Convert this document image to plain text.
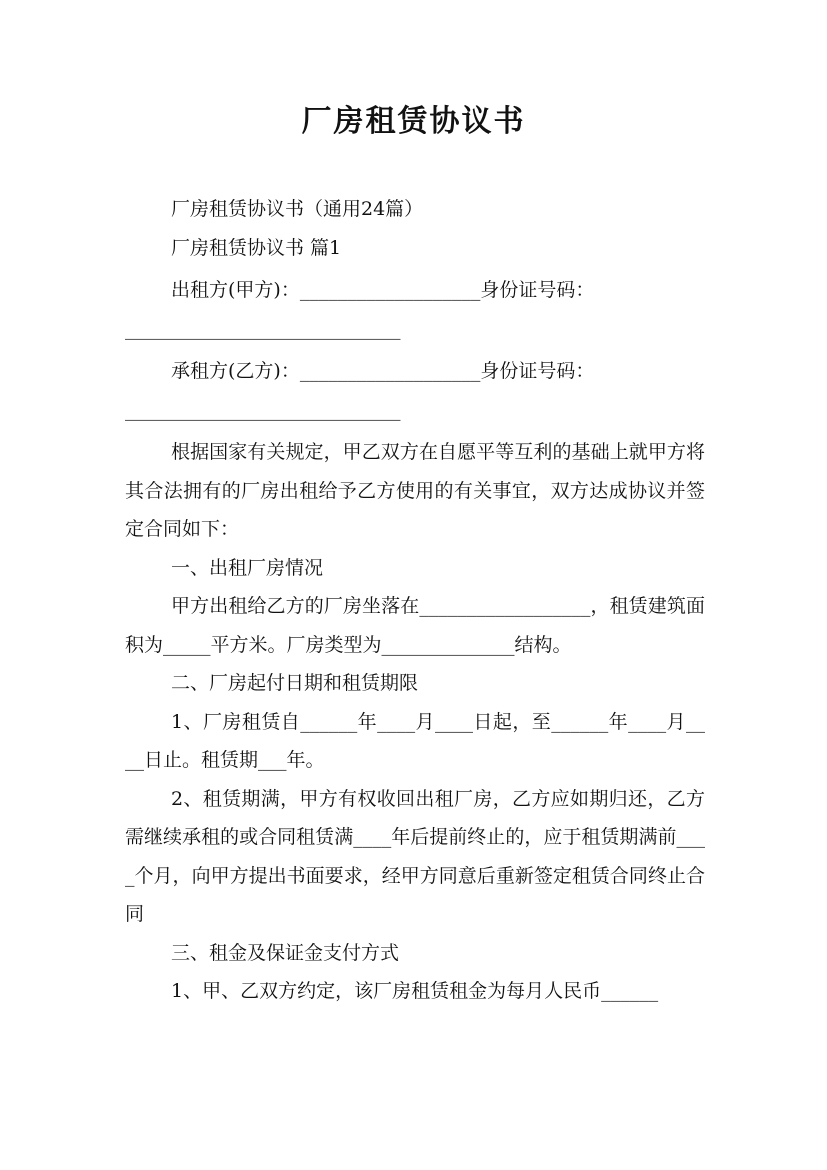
厂房租赁协议书

厂房租赁协议书（通用24篇）

厂房租赁协议书 篇1

出租方(甲方)：___________________身份证号码：

_____________________________

承租方(乙方)：___________________身份证号码：

_____________________________

根据国家有关规定，甲乙双方在自愿平等互利的基础上就甲方将其合法拥有的厂房出租给予乙方使用的有关事宜，双方达成协议并签定合同如下：

一、出租厂房情况

甲方出租给乙方的厂房坐落在__________________，租赁建筑面积为_____平方米。厂房类型为______________结构。

二、厂房起付日期和租赁期限

1、厂房租赁自______年____月____日起，至______年____月____日止。租赁期___年。

2、租赁期满，甲方有权收回出租厂房，乙方应如期归还，乙方需继续承租的或合同租赁满____年后提前终止的，应于租赁期满前____个月，向甲方提出书面要求，经甲方同意后重新签定租赁合同终止合同

三、租金及保证金支付方式

1、甲、乙双方约定，该厂房租赁租金为每月人民币______
